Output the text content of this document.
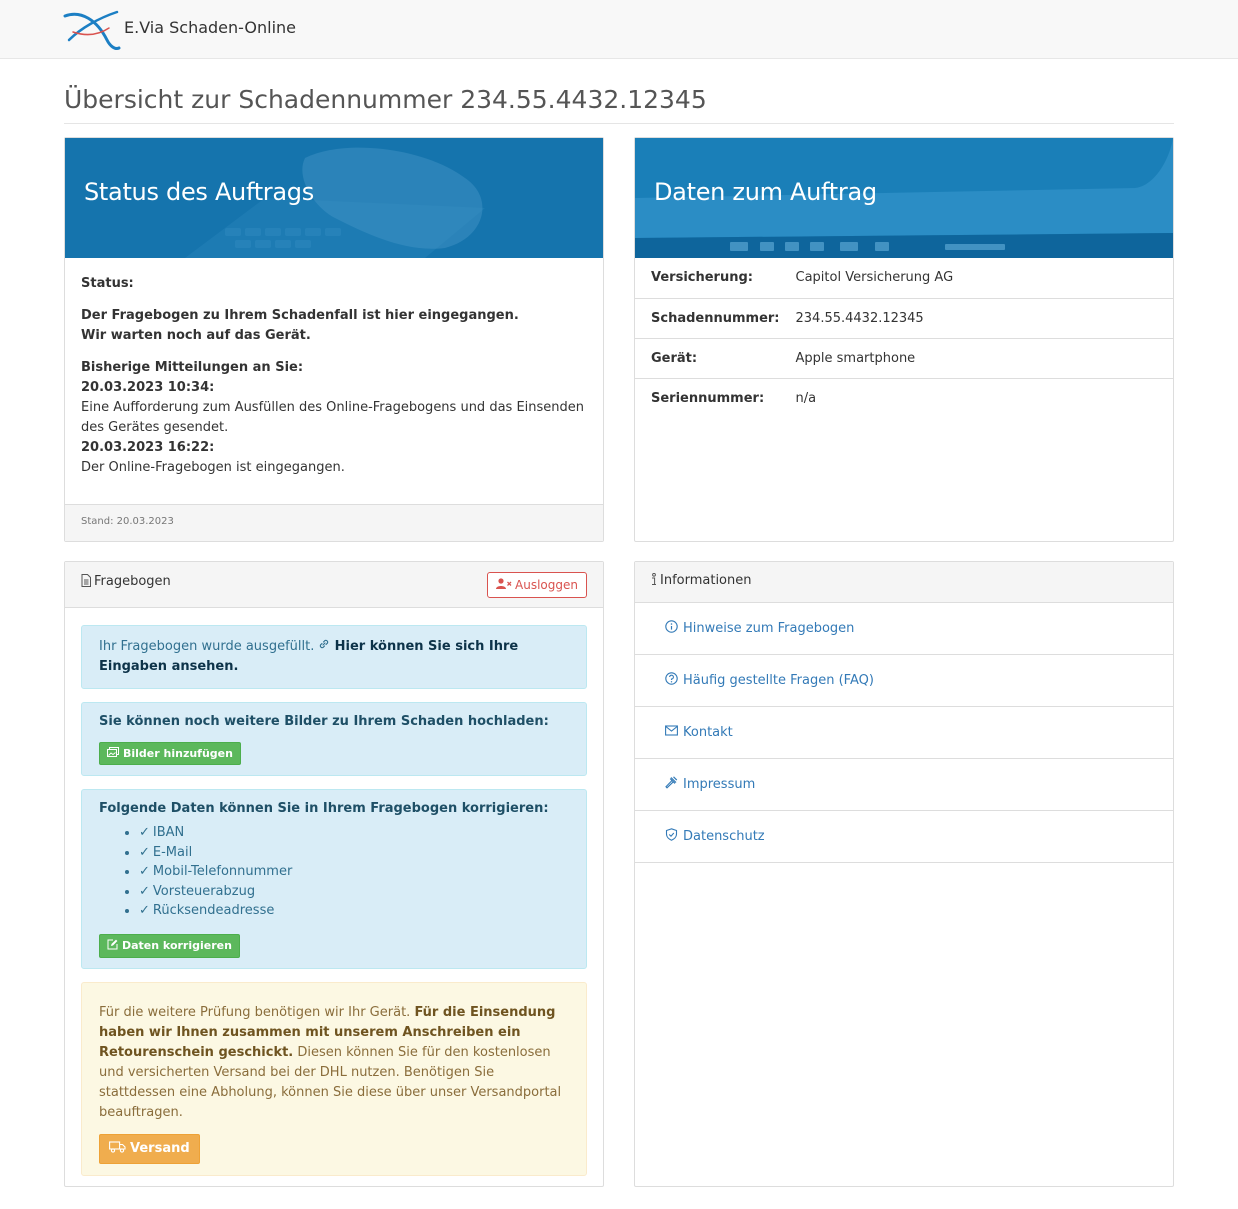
E.Via Schaden-Online
Übersicht zur Schadennummer 234.55.4432.12345
Status des Auftrags

Status:

Der Fragebogen zu Ihrem Schadenfall ist hier eingegangen.
Wir warten noch auf das Gerät.

Bisherige Mitteilungen an Sie:
20.03.2023 10:34:
Eine Aufforderung zum Ausfüllen des Online-Fragebogens und das Einsenden des Gerätes gesendet.
20.03.2023 16:22:
Der Online-Fragebogen ist eingegangen.
Stand: 20.03.2023
Daten zum Auftrag
Versicherung:	Capitol Versicherung AG
Schadennummer:	234.55.4432.12345
Gerät:	Apple smartphone
Seriennummer:	n/a
Fragebogen	Ausloggen
Ihr Fragebogen wurde ausgefüllt. Hier können Sie sich Ihre Eingaben ansehen.
Sie können noch weitere Bilder zu Ihrem Schaden hochladen:
Bilder hinzufügen
Folgende Daten können Sie in Ihrem Fragebogen korrigieren:
• ✓ IBAN
• ✓ E-Mail
• ✓ Mobil-Telefonnummer
• ✓ Vorsteuerabzug
• ✓ Rücksendeadresse
Daten korrigieren
Für die weitere Prüfung benötigen wir Ihr Gerät. Für die Einsendung haben wir Ihnen zusammen mit unserem Anschreiben ein Retourenschein geschickt. Diesen können Sie für den kostenlosen und versicherten Versand bei der DHL nutzen. Benötigen Sie stattdessen eine Abholung, können Sie diese über unser Versandportal beauftragen.
Versand
Informationen
Hinweise zum Fragebogen
Häufig gestellte Fragen (FAQ)
Kontakt
Impressum
Datenschutz
